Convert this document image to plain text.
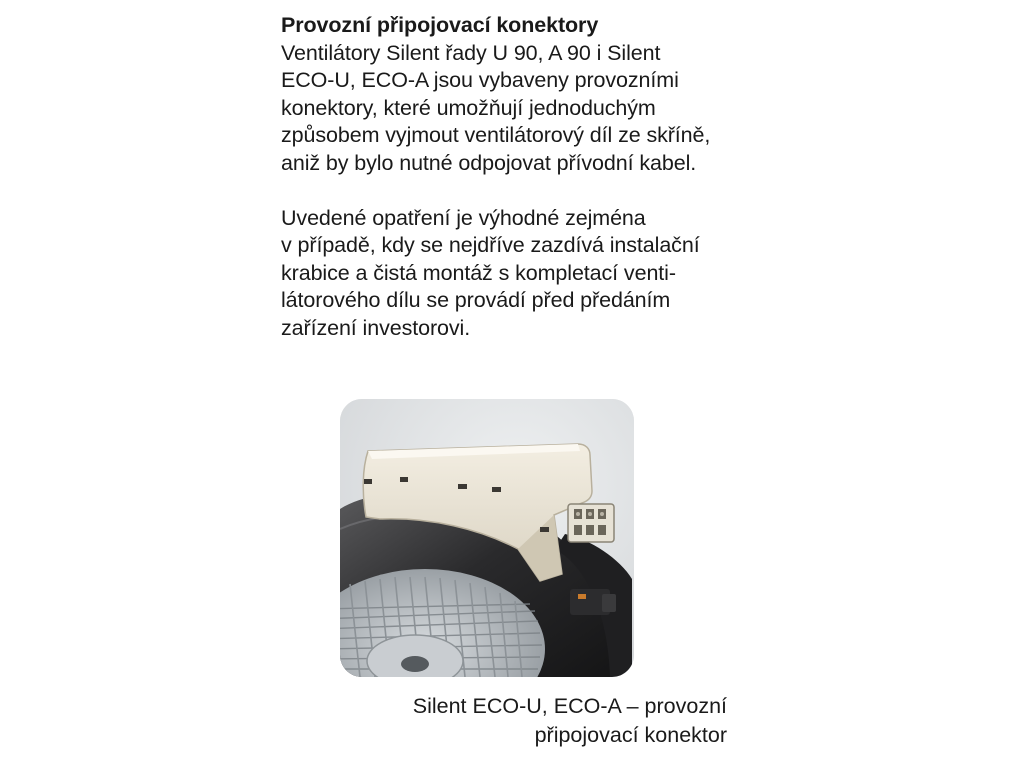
Provozní připojovací konektory
Ventilátory Silent řady U 90, A 90 i Silent
ECO-U, ECO-A jsou vybaveny provozními
konektory, které umožňují jednoduchým
způsobem vyjmout ventilátorový díl ze skříně,
aniž by bylo nutné odpojovat přívodní kabel.
Uvedené opatření je výhodné zejména
v případě, kdy se nejdříve zazdívá instalační
krabice a čistá montáž s kompletací venti-
látorového dílu se provádí před předáním
zařízení investorovi.
Silent ECO-U, ECO-A – provozní
připojovací konektor
